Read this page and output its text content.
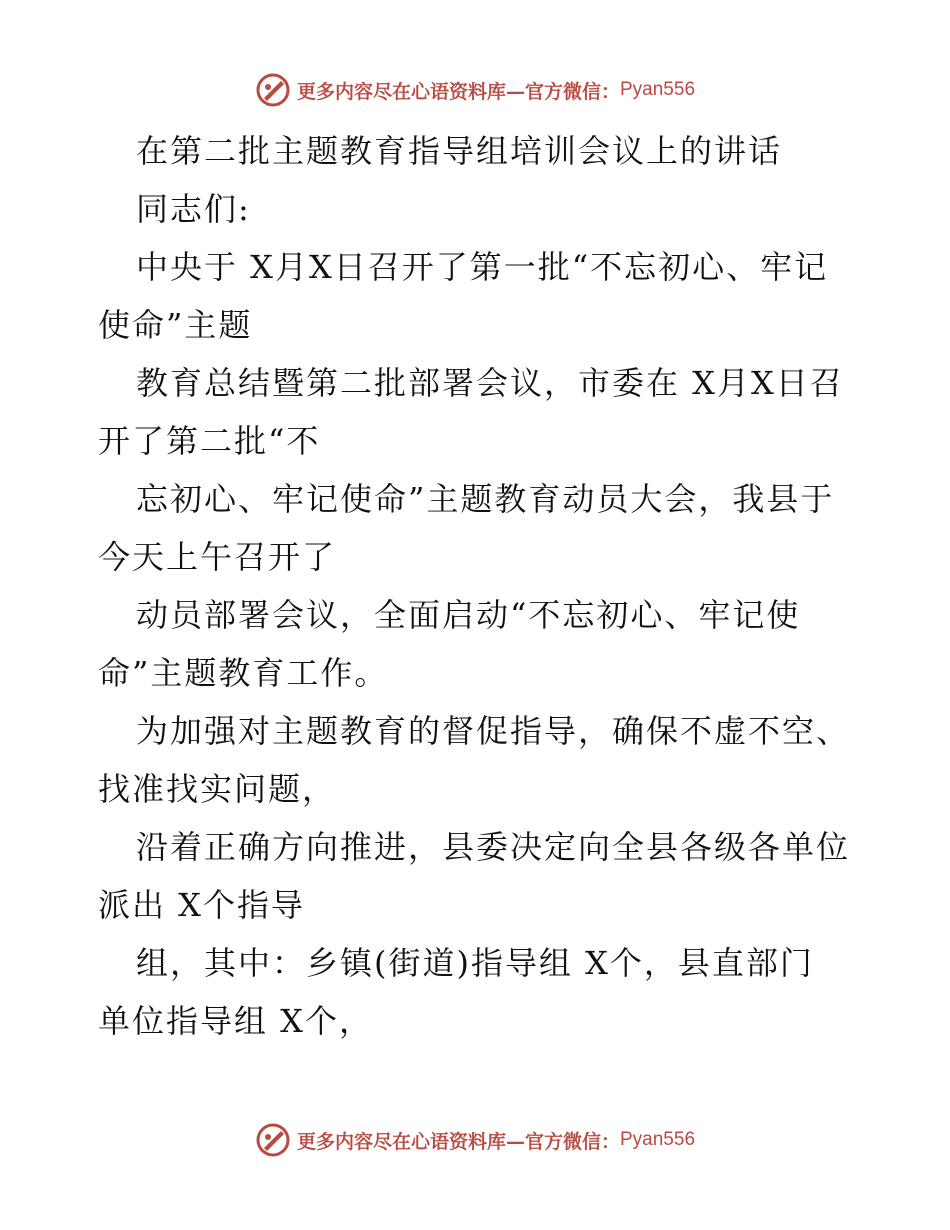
更多内容尽在心语资料库—官方微信： Pyan556
在第二批主题教育指导组培训会议上的讲话
同志们:
中央于 X月X日召开了第一批“不忘初心、牢记
使命”主题
教育总结暨第二批部署会议，市委在 X月X日召
开了第二批“不
忘初心、牢记使命”主题教育动员大会，我县于
今天上午召开了
动员部署会议，全面启动“不忘初心、牢记使
命”主题教育工作。
为加强对主题教育的督促指导，确保不虚不空、
找准找实问题，
沿着正确方向推进，县委决定向全县各级各单位
派出 X个指导
组，其中：乡镇(街道)指导组 X个，县直部门
单位指导组 X个，
更多内容尽在心语资料库—官方微信： Pyan556
